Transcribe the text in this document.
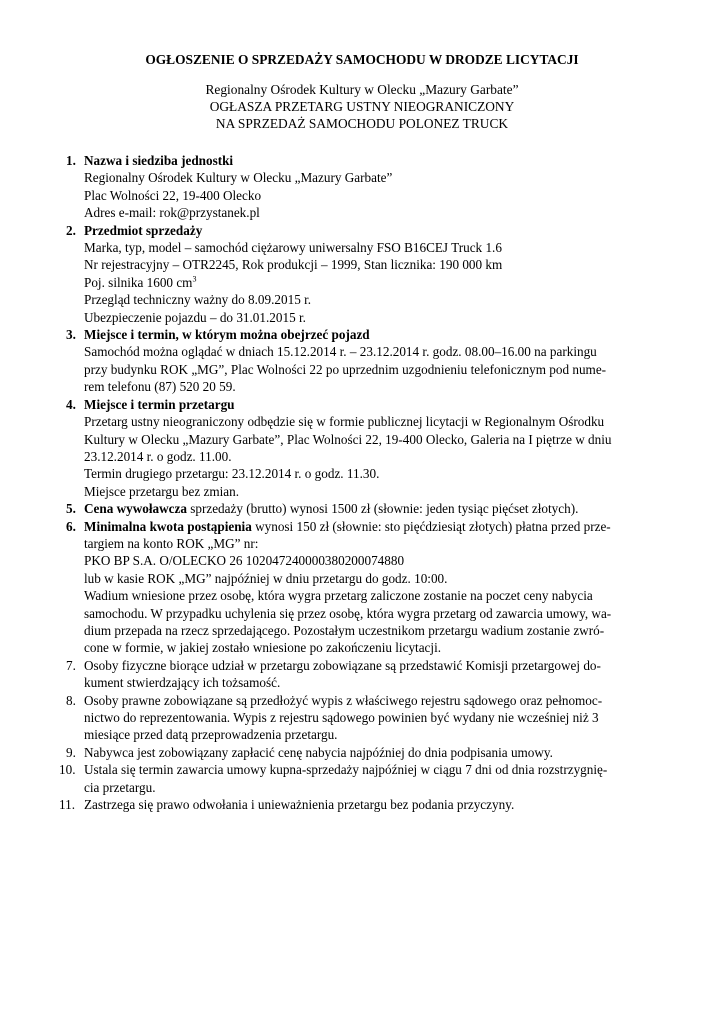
OGŁOSZENIE O SPRZEDAŻY SAMOCHODU W DRODZE LICYTACJI
Regionalny Ośrodek Kultury w Olecku „Mazury Garbate”
OGŁASZA PRZETARG USTNY NIEOGRANICZONY
NA SPRZEDAŻ SAMOCHODU POLONEZ TRUCK
1. Nazwa i siedziba jednostki
Regionalny Ośrodek Kultury w Olecku „Mazury Garbate”
Plac Wolności 22, 19-400 Olecko
Adres e-mail: rok@przystanek.pl
2. Przedmiot sprzedaży
Marka, typ, model – samochód ciężarowy uniwersalny FSO B16CEJ Truck 1.6
Nr rejestracyjny – OTR2245, Rok produkcji – 1999, Stan licznika: 190 000 km
Poj. silnika 1600 $cm^3$
Przegląd techniczny ważny do 8.09.2015 r.
Ubezpieczenie pojazdu – do 31.01.2015 r.
3. Miejsce i termin, w którym można obejrzeć pojazd
Samochód można oglądać w dniach 15.12.2014 r. – 23.12.2014 r. godz. 08.00–16.00 na parkingu
przy budynku ROK „MG”, Plac Wolności 22 po uprzednim uzgodnieniu telefonicznym pod nume-
rem telefonu (87) 520 20 59.
4. Miejsce i termin przetargu
Przetarg ustny nieograniczony odbędzie się w formie publicznej licytacji w Regionalnym Ośrodku
Kultury w Olecku „Mazury Garbate”, Plac Wolności 22, 19-400 Olecko, Galeria na I piętrze w dniu
23.12.2014 r. o godz. 11.00.
Termin drugiego przetargu: 23.12.2014 r. o godz. 11.30.
Miejsce przetargu bez zmian.
5. Cena wywoławcza sprzedaży (brutto) wynosi 1500 zł (słownie: jeden tysiąc pięćset złotych).
6. Minimalna kwota postąpienia wynosi 150 zł (słownie: sto pięćdziesiąt złotych) płatna przed prze-
targiem na konto ROK „MG” nr:
PKO BP S.A. O/OLECKO 26 102047240000380200074880
lub w kasie ROK „MG” najpóźniej w dniu przetargu do godz. 10:00.
Wadium wniesione przez osobę, która wygra przetarg zaliczone zostanie na poczet ceny nabycia
samochodu. W przypadku uchylenia się przez osobę, która wygra przetarg od zawarcia umowy, wa-
dium przepada na rzecz sprzedającego. Pozostałym uczestnikom przetargu wadium zostanie zwró-
cone w formie, w jakiej zostało wniesione po zakończeniu licytacji.
7. Osoby fizyczne biorące udział w przetargu zobowiązane są przedstawić Komisji przetargowej do-
kument stwierdzający ich tożsamość.
8. Osoby prawne zobowiązane są przedłożyć wypis z właściwego rejestru sądowego oraz pełnomoc-
nictwo do reprezentowania. Wypis z rejestru sądowego powinien być wydany nie wcześniej niż 3
miesiące przed datą przeprowadzenia przetargu.
9. Nabywca jest zobowiązany zapłacić cenę nabycia najpóźniej do dnia podpisania umowy.
10. Ustala się termin zawarcia umowy kupna-sprzedaży najpóźniej w ciągu 7 dni od dnia rozstrzygnię-
cia przetargu.
11. Zastrzega się prawo odwołania i unieważnienia przetargu bez podania przyczyny.
